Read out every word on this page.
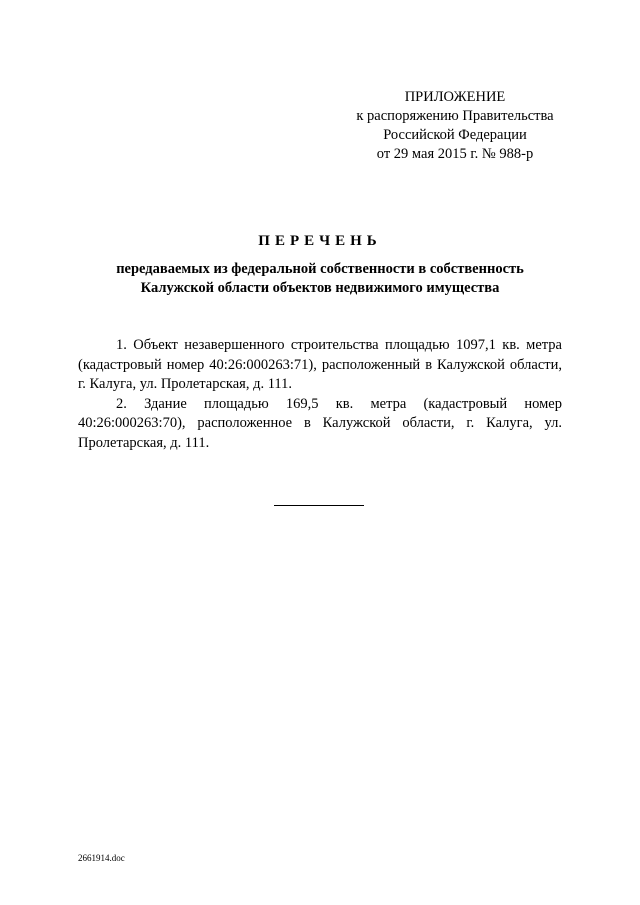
ПРИЛОЖЕНИЕ
к распоряжению Правительства
Российской Федерации
от 29 мая 2015 г. № 988-р
ПЕРЕЧЕНЬ
передаваемых из федеральной собственности в собственность
Калужской области объектов недвижимого имущества

1. Объект незавершенного строительства площадью 1097,1 кв. метра (кадастровый номер 40:26:000263:71), расположенный в Калужской области, г. Калуга, ул. Пролетарская, д. 111.

2. Здание площадью 169,5 кв. метра (кадастровый номер 40:26:000263:70), расположенное в Калужской области, г. Калуга, ул. Пролетарская, д. 111.

2661914.doc
